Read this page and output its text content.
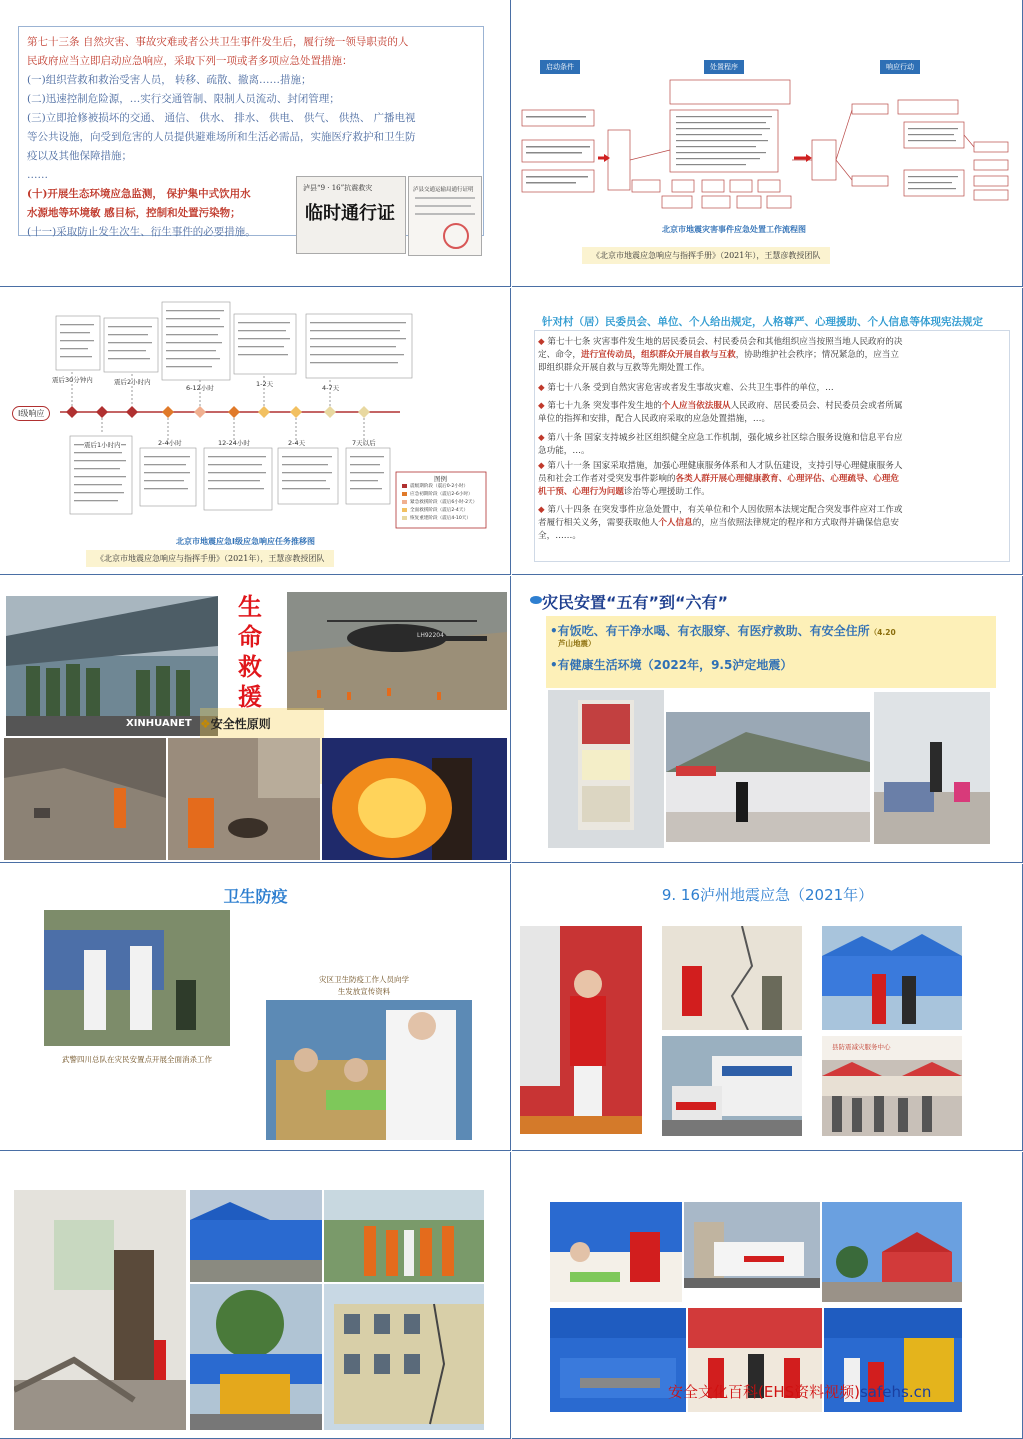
第七十三条 自然灾害、事故灾难或者公共卫生事件发生后，履行统一领导职责的人
民政府应当立即启动应急响应，采取下列一项或者多项应急处置措施：
(一)组织营救和救治受害人员， 转移、疏散、撤离……措施；
(二)迅速控制危险源，…实行交通管制、限制人员流动、封闭管理；
(三)立即抢修被损坏的交通、 通信、 供水、 排水、 供电、 供气、 供热、 广播电视
等公共设施，向受到危害的人员提供避难场所和生活必需品，实施医疗救护和卫生防
疫以及其他保障措施；
……
(十)开展生态环境应急监测， 保护集中式饮用水
水源地等环境敏 感目标，控制和处置污染物；
(十一)采取防止发生次生、衍生事件的必要措施。
泸县“9 · 16”抗震救灾
临时通行证
泸县交通运输局通行证明
启动条件	处置程序	响应行动
北京市地震灾害事件应急处置工作流程图
《北京市地震应急响应与指挥手册》（2021年），王慧彦教授团队
Ⅰ级响应
震后30分钟内	震后2小时内
6-12小时	1-2天	4-7天
震后1小时内	2-4小时	12-24小时	2-4天	7天以后
图例
震级期阶段（震后0-2小时）
应急初期阶段（震后2-6小时）
紧急救援阶段（震后6小时-2天）
全面救援阶段（震后2-4天）
恢复重建阶段（震后4-10天）
北京市地震应急Ⅰ级应急响应任务推移图
《北京市地震应急响应与指挥手册》（2021年），王慧彦教授团队
针对村（居）民委员会、单位、个人给出规定，人格尊严、心理援助、个人信息等体现宪法规定
◆ 第七十七条 灾害事件发生地的居民委员会、村民委员会和其他组织应当按照当地人民政府的决
定、命令，进行宣传动员，组织群众开展自救与互救，协助维护社会秩序；情况紧急的，应当立
即组织群众开展自救与互救等先期处置工作。
◆ 第七十八条 受到自然灾害危害或者发生事故灾难、公共卫生事件的单位，…
◆ 第七十九条 突发事件发生地的个人应当依法服从人民政府、居民委员会、村民委员会或者所属
单位的指挥和安排，配合人民政府采取的应急处置措施，…。
◆ 第八十条 国家支持城乡社区组织健全应急工作机制，强化城乡社区综合服务设施和信息平台应
急功能，…。
◆ 第八十一条 国家采取措施，加强心理健康服务体系和人才队伍建设，支持引导心理健康服务人
员和社会工作者对受突发事件影响的各类人群开展心理健康教育、心理评估、心理疏导、心理危
机干预、心理行为问题诊治等心理援助工作。
◆ 第八十四条 在突发事件应急处置中，有关单位和个人因依照本法规定配合突发事件应对工作或
者履行相关义务，需要获取他人个人信息的，应当依照法律规定的程序和方式取得并确保信息安
全，……。
XINHUANET
生
命
救
援
LH92204
❖安全性原则
灾民安置“五有”到“六有”
•有饭吃、有干净水喝、有衣服穿、有医疗救助、有安全住所（4.20
芦山地震）
•有健康生活环境（2022年，9.5泸定地震）
卫生防疫
武警四川总队在灾民安置点开展全面消杀工作
灾区卫生防疫工作人员向学
生发放宣传资料
9. 16泸州地震应急（2021年）
县防震减灾服务中心
安全文化百科(EHS资料视频)safehs.cn
